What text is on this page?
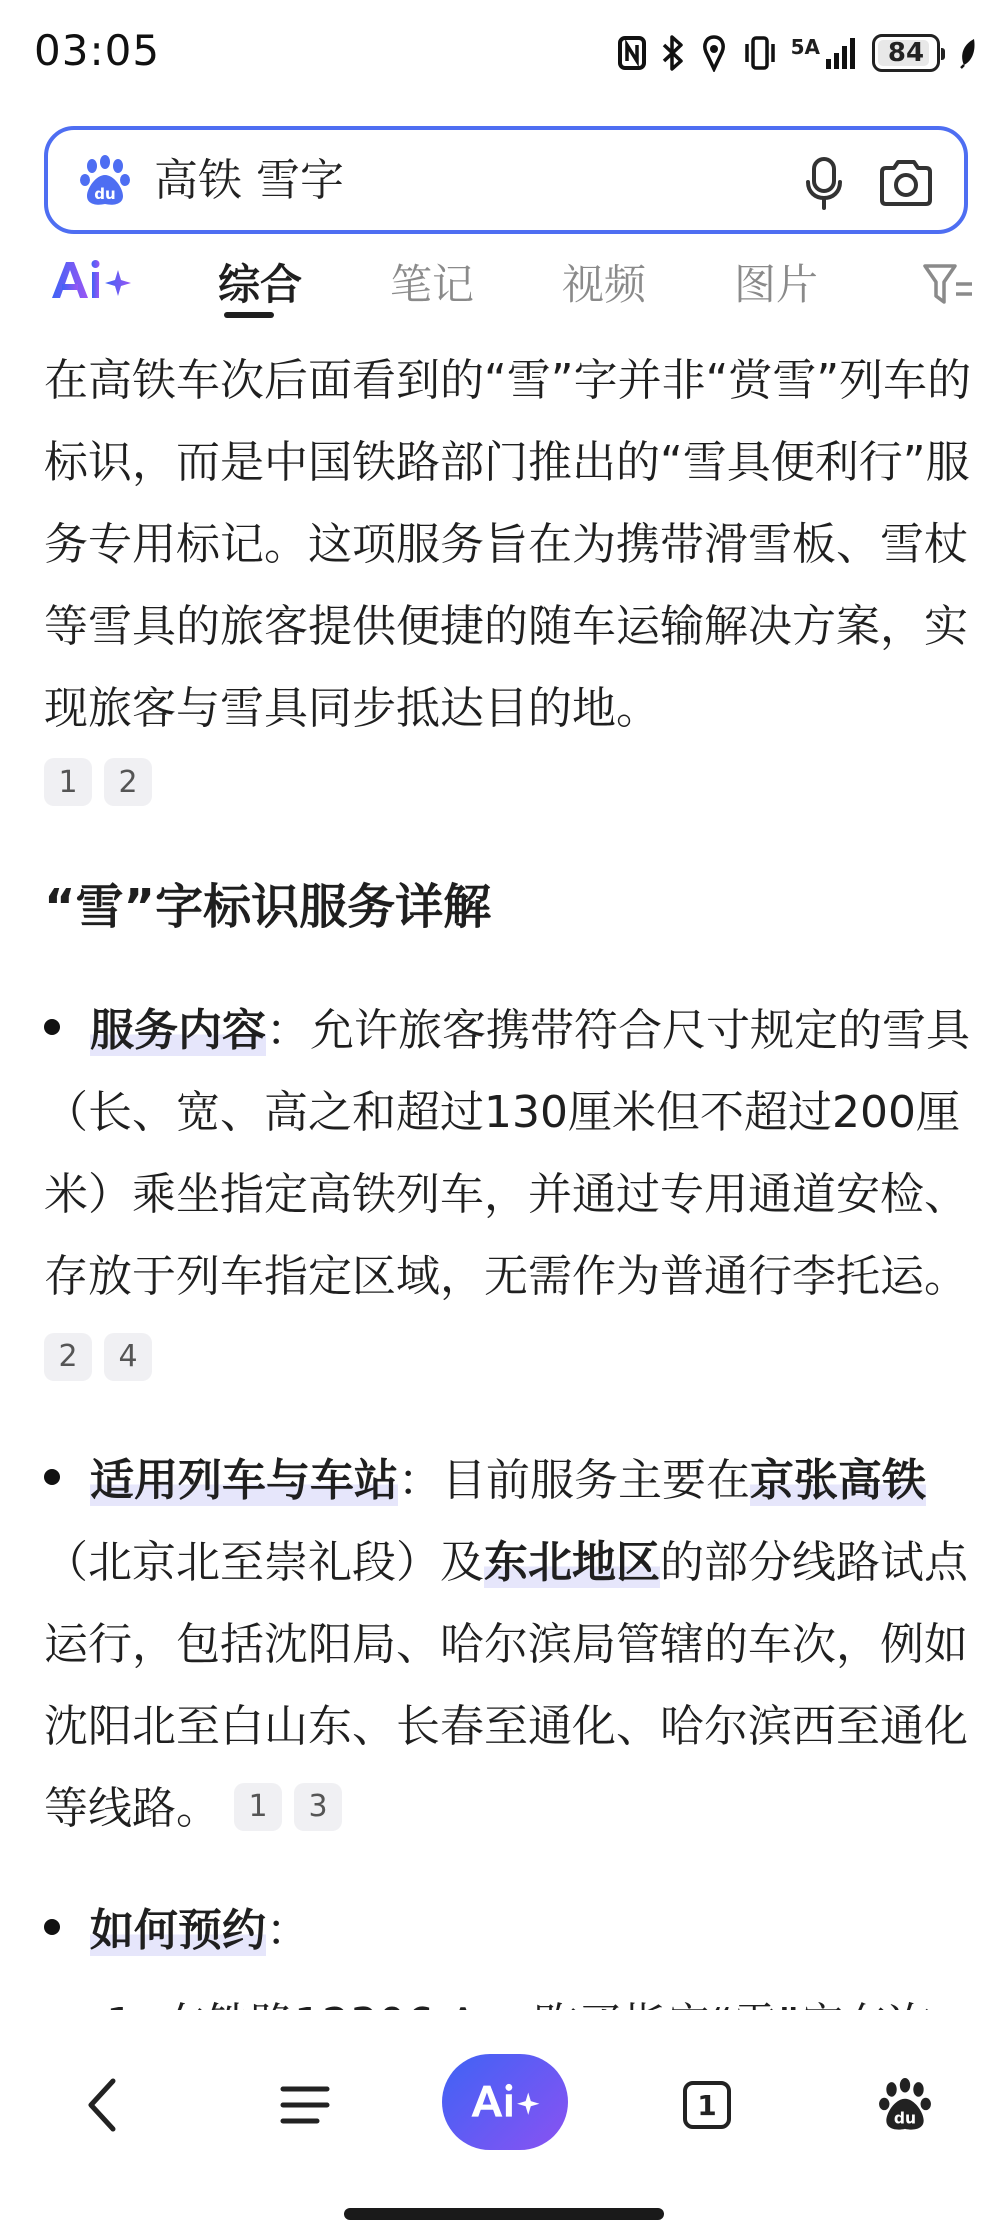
03:05	5A	84
du 高铁 雪字
综合 笔记 视频 图片

在高铁车次后面看到的“雪”字并非“赏雪”列车的标识，而是中国铁路部门推出的“雪具便利行”服务专用标记。这项服务旨在为携带滑雪板、雪杖等雪具的旅客提供便捷的随车运输解决方案，实现旅客与雪具同步抵达目的地。

1	2
“雪”字标识服务详解
服务内容：允许旅客携带符合尺寸规定的雪具（长、宽、高之和超过130厘米但不超过200厘米）乘坐指定高铁列车，并通过专用通道安检、存放于列车指定区域，无需作为普通行李托运。 2 4
适用列车与车站：目前服务主要在京张高铁（北京北至崇礼段）及东北地区的部分线路试点运行，包括沈阳局、哈尔滨局管辖的车次，例如沈阳北至白山东、长春至通化、哈尔滨西至通化等线路。 1 3
如何预约：
1	du
